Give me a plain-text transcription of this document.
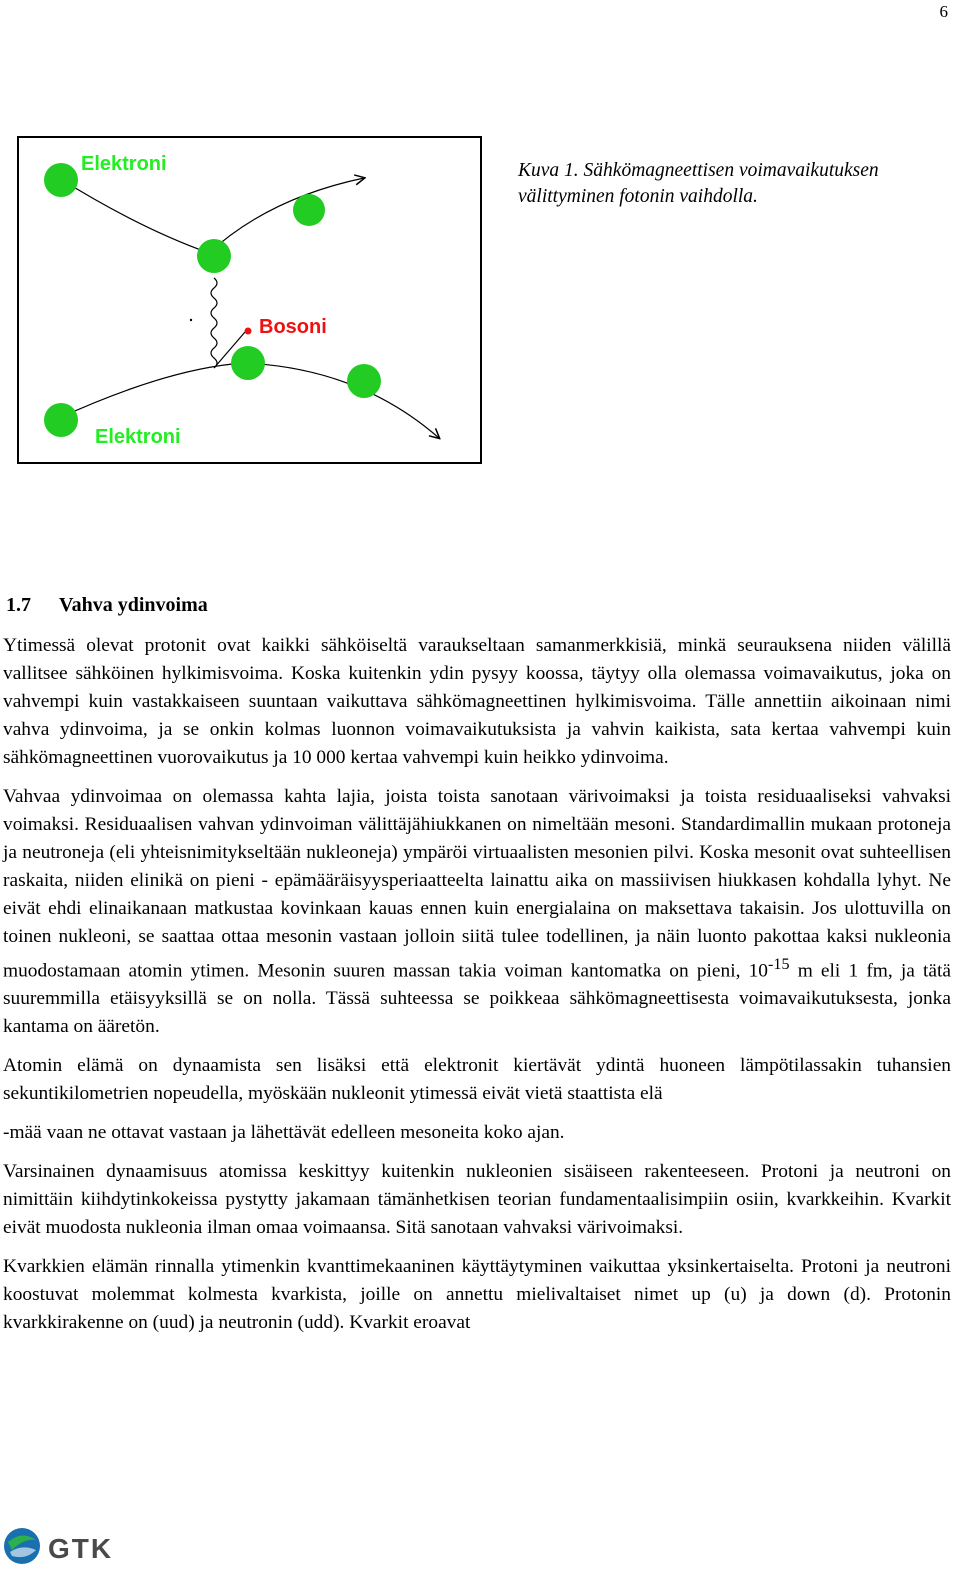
6
Elektroni
Bosoni
Elektroni
Kuva 1. Sähkömagneettisen voimavaikutuksen välittyminen fotonin vaihdolla.
1.7 Vahva ydinvoima

Ytimessä olevat protonit ovat kaikki sähköiseltä varaukseltaan samanmerkkisiä, minkä seurauksena niiden välillä vallitsee sähköinen hylkimisvoima. Koska kuitenkin ydin pysyy koossa, täytyy olla olemassa voimavaikutus, joka on vahvempi kuin vastakkaiseen suuntaan vaikuttava sähkömagneettinen hylkimisvoima. Tälle annettiin aikoinaan nimi vahva ydinvoima, ja se onkin kolmas luonnon voimavaikutuksista ja vahvin kaikista, sata kertaa vahvempi kuin sähkömagneettinen vuorovaikutus ja 10 000 kertaa vahvempi kuin heikko ydinvoima.

Vahvaa ydinvoimaa on olemassa kahta lajia, joista toista sanotaan värivoimaksi ja toista residuaaliseksi vahvaksi voimaksi. Residuaalisen vahvan ydinvoiman välittäjähiukkanen on nimeltään mesoni. Standardimallin mukaan protoneja ja neutroneja (eli yhteisnimitykseltään nukleoneja) ympäröi virtuaalisten mesonien pilvi. Koska mesonit ovat suhteellisen raskaita, niiden elinikä on pieni - epämääräisyysperiaatteelta lainattu aika on massiivisen hiukkasen kohdalla lyhyt. Ne eivät ehdi elinaikanaan matkustaa kovinkaan kauas ennen kuin energialaina on maksettava takaisin. Jos ulottuvilla on toinen nukleoni, se saattaa ottaa mesonin vastaan jolloin siitä tulee todellinen, ja näin luonto pakottaa kaksi nukleonia muodostamaan atomin ytimen. Mesonin suuren massan takia voiman kantomatka on pieni, $10^{-15}$ m eli 1 fm, ja tätä suuremmilla etäisyyksillä se on nolla. Tässä suhteessa se poikkeaa sähkömagneettisesta voimavaikutuksesta, jonka kantama on ääretön.

Atomin elämä on dynaamista sen lisäksi että elektronit kiertävät ydintä huoneen lämpötilassakin tuhansien sekuntikilometrien nopeudella, myöskään nukleonit ytimessä eivät vietä staattista elä

-mää vaan ne ottavat vastaan ja lähettävät edelleen mesoneita koko ajan.

Varsinainen dynaamisuus atomissa keskittyy kuitenkin nukleonien sisäiseen rakenteeseen. Protoni ja neutroni on nimittäin kiihdytinkokeissa pystytty jakamaan tämänhetkisen teorian fundamentaalisimpiin osiin, kvarkkeihin. Kvarkit eivät muodosta nukleonia ilman omaa voimaansa. Sitä sanotaan vahvaksi värivoimaksi.

Kvarkkien elämän rinnalla ytimenkin kvanttimekaaninen käyttäytyminen vaikuttaa yksinkertaiselta. Protoni ja neutroni koostuvat molemmat kolmesta kvarkista, joille on annettu mielivaltaiset nimet up (u) ja down (d). Protonin kvarkkirakenne on (uud) ja neutronin (udd). Kvarkit eroavat

GTK
